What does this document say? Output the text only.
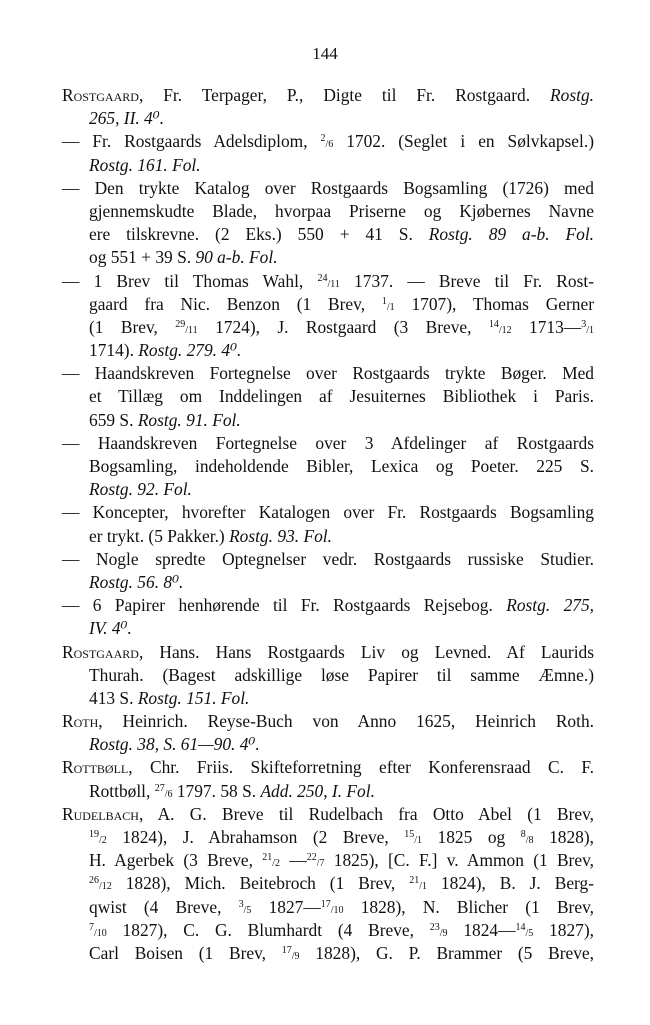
144
Rostgaard, Fr. Terpager, P., Digte til Fr. Rostgaard. Rostg.
265, II. 4⁰.
— Fr. Rostgaards Adelsdiplom, $^2$/6 1702. (Seglet i en Sølvkapsel.)
Rostg. 161. Fol.
— Den trykte Katalog over Rostgaards Bogsamling (1726) med
gjennemskudte Blade, hvorpaa Priserne og Kjøbernes Navne
ere tilskrevne. (2 Eks.) 550 + 41 S. Rostg. 89 a-b. Fol.
og 551 + 39 S. 90 a-b. Fol.
— 1 Brev til Thomas Wahl, $^{24}$/11 1737. — Breve til Fr. Rost-
gaard fra Nic. Benzon (1 Brev, $^1$/1 1707), Thomas Gerner
(1 Brev, $^{29}$/11 1724), J. Rostgaard (3 Breve, $^{14}$/12 1713—$^3$/1
1714). Rostg. 279. 4⁰.
— Haandskreven Fortegnelse over Rostgaards trykte Bøger. Med
et Tillæg om Inddelingen af Jesuiternes Bibliothek i Paris.
659 S. Rostg. 91. Fol.
— Haandskreven Fortegnelse over 3 Afdelinger af Rostgaards
Bogsamling, indeholdende Bibler, Lexica og Poeter. 225 S.
Rostg. 92. Fol.
— Koncepter, hvorefter Katalogen over Fr. Rostgaards Bogsamling
er trykt. (5 Pakker.) Rostg. 93. Fol.
— Nogle spredte Optegnelser vedr. Rostgaards russiske Studier.
Rostg. 56. 8⁰.
— 6 Papirer henhørende til Fr. Rostgaards Rejsebog. Rostg. 275,
IV. 4⁰.
Rostgaard, Hans. Hans Rostgaards Liv og Levned. Af Laurids
Thurah. (Bagest adskillige løse Papirer til samme Æmne.)
413 S. Rostg. 151. Fol.
Roth, Heinrich. Reyse-Buch von Anno 1625, Heinrich Roth.
Rostg. 38, S. 61—90. 4⁰.
Rottbøll, Chr. Friis. Skifteforretning efter Konferensraad C. F.
Rottbøll, $^{27}$/6 1797. 58 S. Add. 250, I. Fol.
Rudelbach, A. G. Breve til Rudelbach fra Otto Abel (1 Brev,
$^{19}$/2 1824), J. Abrahamson (2 Breve, $^{15}$/1 1825 og $^8$/8 1828),
H. Agerbek (3 Breve, $^{21}$/2 —$^{22}$/7 1825), [C. F.] v. Ammon (1 Brev,
$^{26}$/12 1828), Mich. Beitebroch (1 Brev, $^{21}$/1 1824), B. J. Berg-
qwist (4 Breve, $^3$/5 1827—$^{17}$/10 1828), N. Blicher (1 Brev,
$^7$/10 1827), C. G. Blumhardt (4 Breve, $^{23}$/9 1824—$^{14}$/5 1827),
Carl Boisen (1 Brev, $^{17}$/9 1828), G. P. Brammer (5 Breve,
